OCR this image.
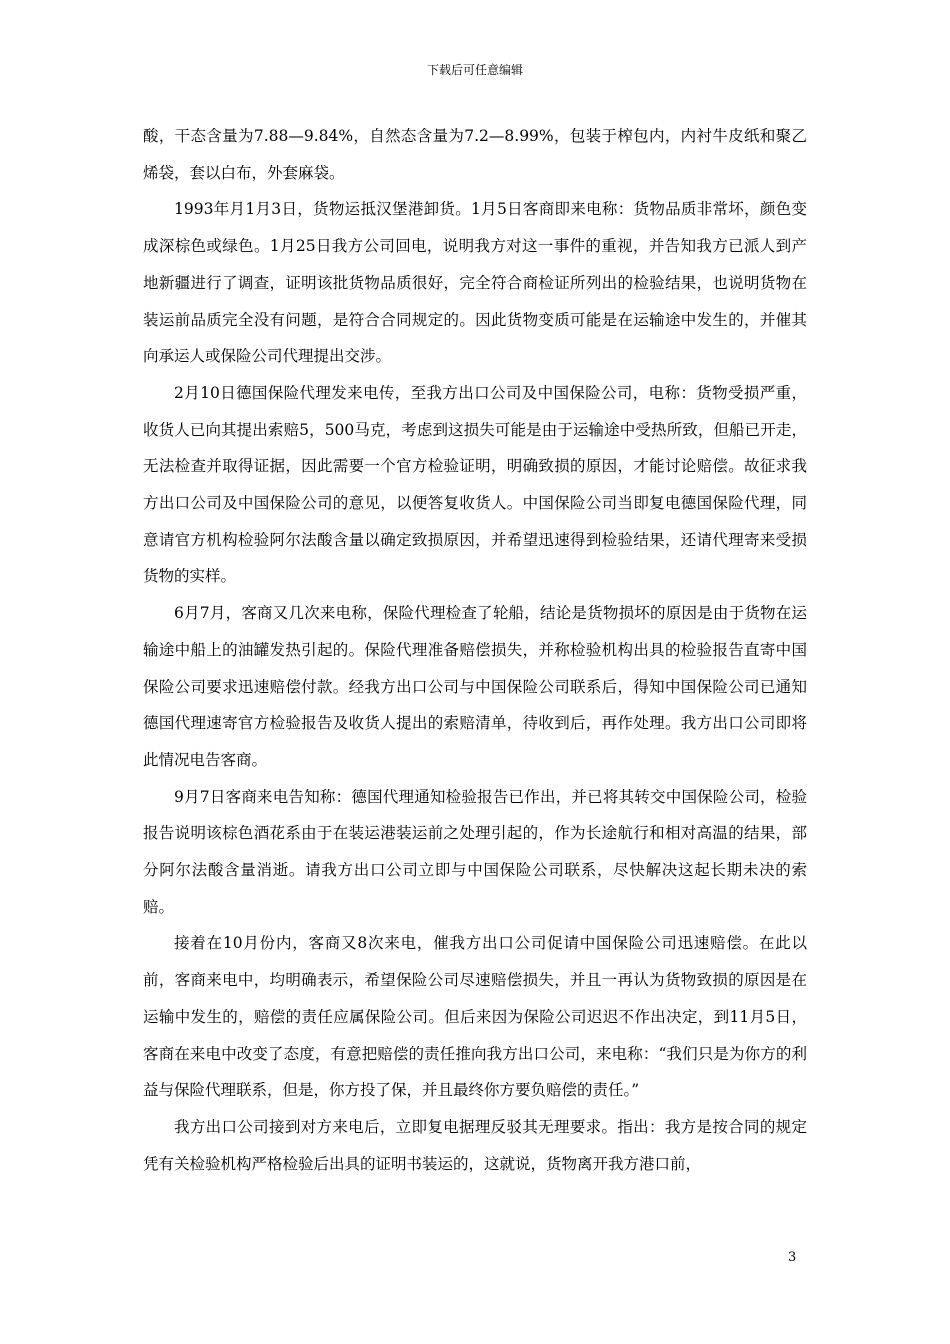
下载后可任意编辑

酸，干态含量为7.88—9.84%，自然态含量为7.2—8.99%，包装于榨包内，内衬牛皮纸和聚乙烯袋，套以白布，外套麻袋。

1993年月1月3日，货物运抵汉堡港卸货。1月5日客商即来电称：货物品质非常坏，颜色变成深棕色或绿色。1月25日我方公司回电，说明我方对这一事件的重视，并告知我方已派人到产地新疆进行了调查，证明该批货物品质很好，完全符合商检证所列出的检验结果，也说明货物在装运前品质完全没有问题，是符合合同规定的。因此货物变质可能是在运输途中发生的，并催其向承运人或保险公司代理提出交涉。

2月10日德国保险代理发来电传，至我方出口公司及中国保险公司，电称：货物受损严重，收货人已向其提出索赔5，500马克，考虑到这损失可能是由于运输途中受热所致，但船已开走，无法检查并取得证据，因此需要一个官方检验证明，明确致损的原因，才能讨论赔偿。故征求我方出口公司及中国保险公司的意见，以便答复收货人。中国保险公司当即复电德国保险代理，同意请官方机构检验阿尔法酸含量以确定致损原因，并希望迅速得到检验结果，还请代理寄来受损货物的实样。

6月7月，客商又几次来电称，保险代理检查了轮船，结论是货物损坏的原因是由于货物在运输途中船上的油罐发热引起的。保险代理准备赔偿损失，并称检验机构出具的检验报告直寄中国保险公司要求迅速赔偿付款。经我方出口公司与中国保险公司联系后，得知中国保险公司已通知德国代理速寄官方检验报告及收货人提出的索赔清单，待收到后，再作处理。我方出口公司即将此情况电告客商。

9月7日客商来电告知称：德国代理通知检验报告已作出，并已将其转交中国保险公司，检验报告说明该棕色酒花系由于在装运港装运前之处理引起的，作为长途航行和相对高温的结果，部分阿尔法酸含量消逝。请我方出口公司立即与中国保险公司联系，尽快解决这起长期未决的索赔。

接着在10月份内，客商又8次来电，催我方出口公司促请中国保险公司迅速赔偿。在此以前，客商来电中，均明确表示，希望保险公司尽速赔偿损失，并且一再认为货物致损的原因是在运输中发生的，赔偿的责任应属保险公司。但后来因为保险公司迟迟不作出决定，到11月5日，客商在来电中改变了态度，有意把赔偿的责任推向我方出口公司，来电称：“我们只是为你方的利益与保险代理联系，但是，你方投了保，并且最终你方要负赔偿的责任。”

我方出口公司接到对方来电后，立即复电据理反驳其无理要求。指出：我方是按合同的规定凭有关检验机构严格检验后出具的证明书装运的，这就说，货物离开我方港口前，

3
